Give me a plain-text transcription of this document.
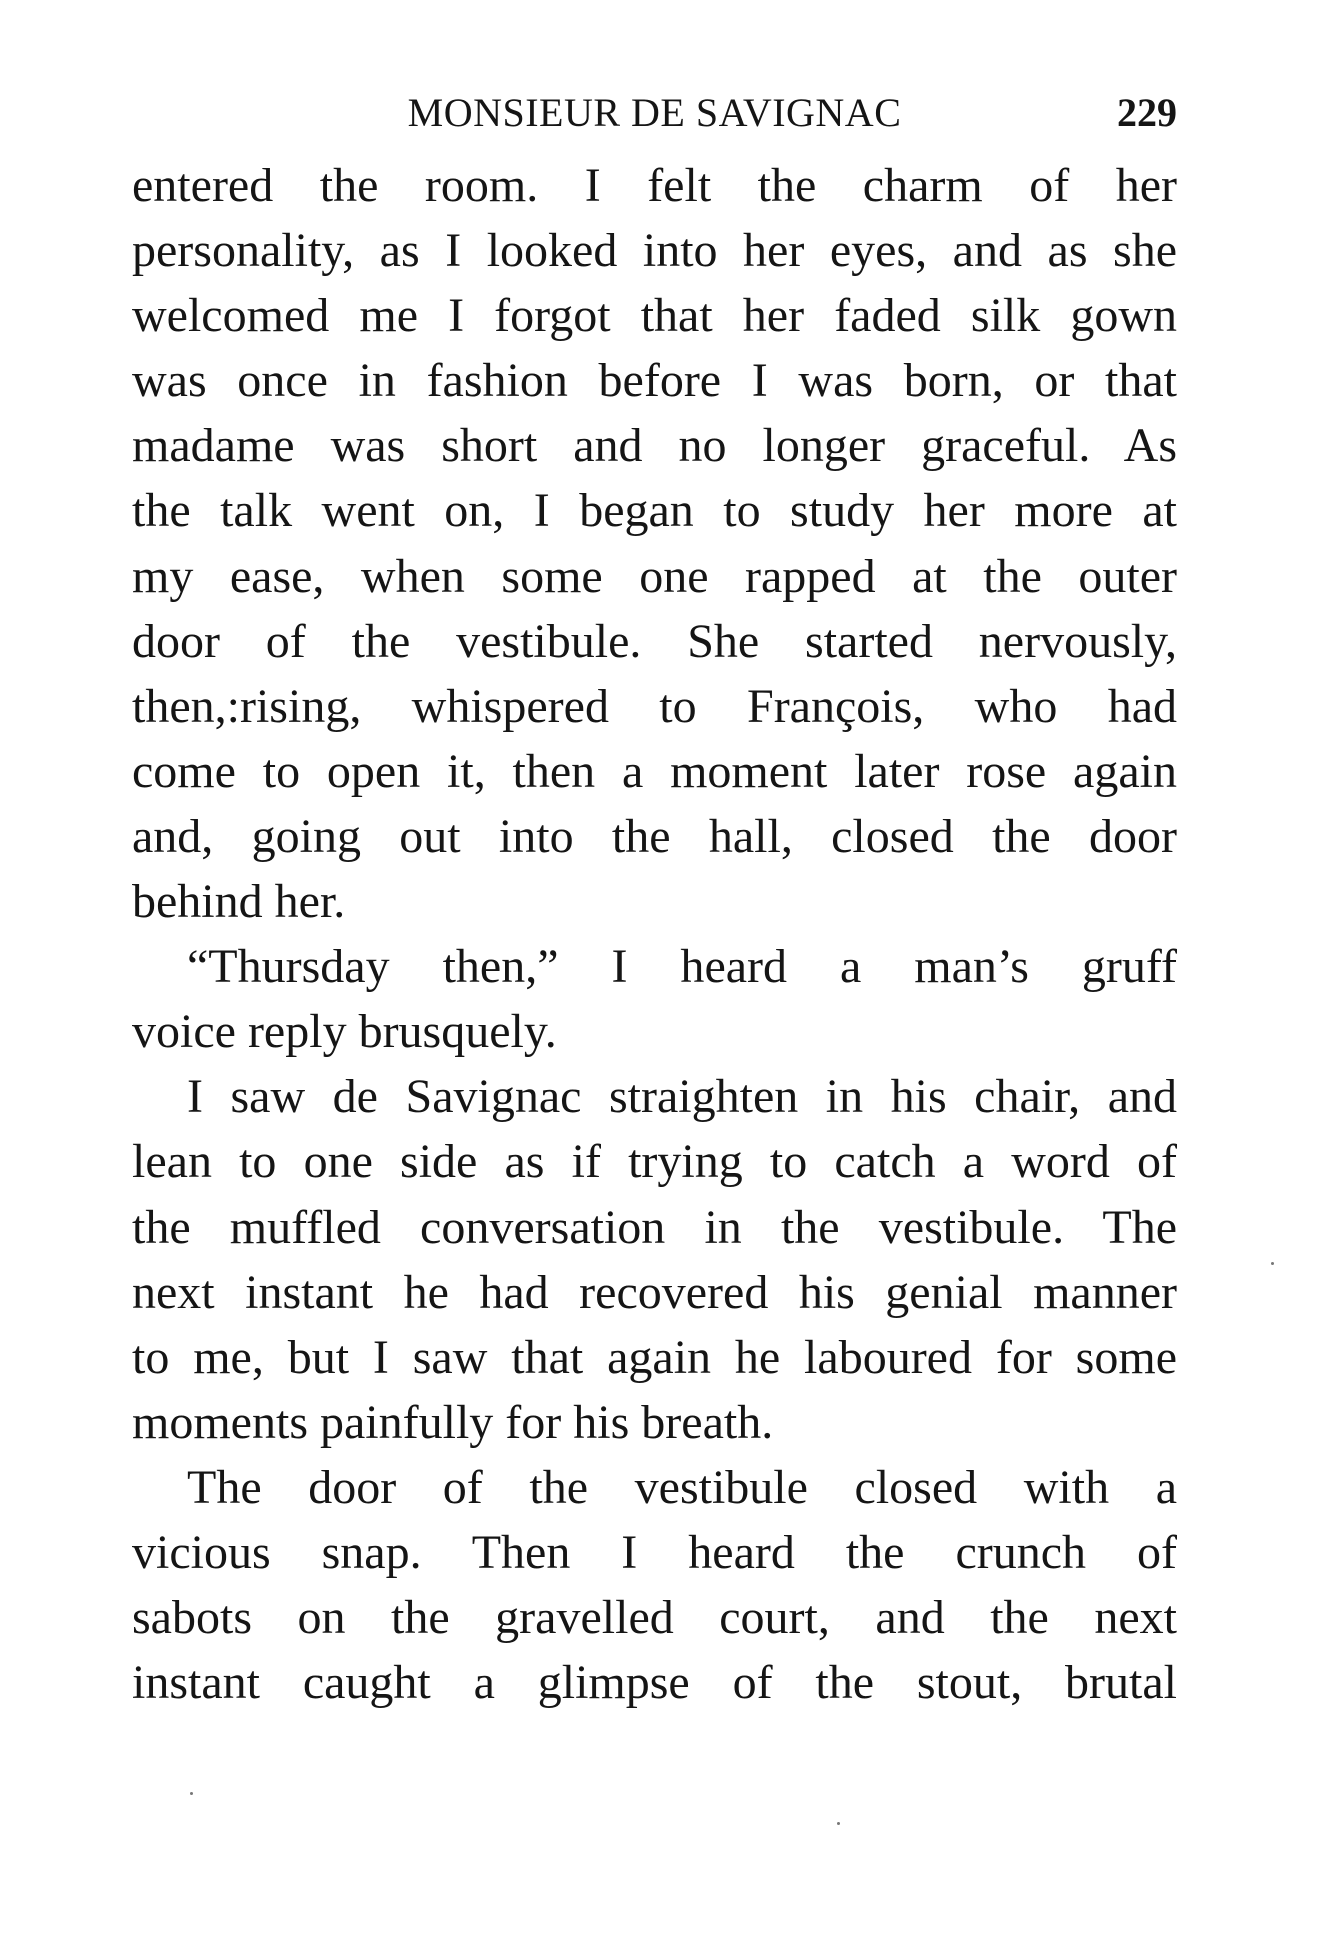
MONSIEUR DE SAVIGNAC	229
entered the room. I felt the charm of her
personality, as I looked into her eyes, and as she
welcomed me I forgot that her faded silk gown
was once in fashion before I was born, or that
madame was short and no longer graceful. As
the talk went on, I began to study her more at
my ease, when some one rapped at the outer
door of the vestibule. She started nervously,
then,:rising, whispered to François, who had
come to open it, then a moment later rose again
and, going out into the hall, closed the door
behind her.
“Thursday then,” I heard a man’s gruff
voice reply brusquely.
I saw de Savignac straighten in his chair, and
lean to one side as if trying to catch a word of
the muffled conversation in the vestibule. The
next instant he had recovered his genial manner
to me, but I saw that again he laboured for some
moments painfully for his breath.
The door of the vestibule closed with a
vicious snap. Then I heard the crunch of
sabots on the gravelled court, and the next
instant caught a glimpse of the stout, brutal
